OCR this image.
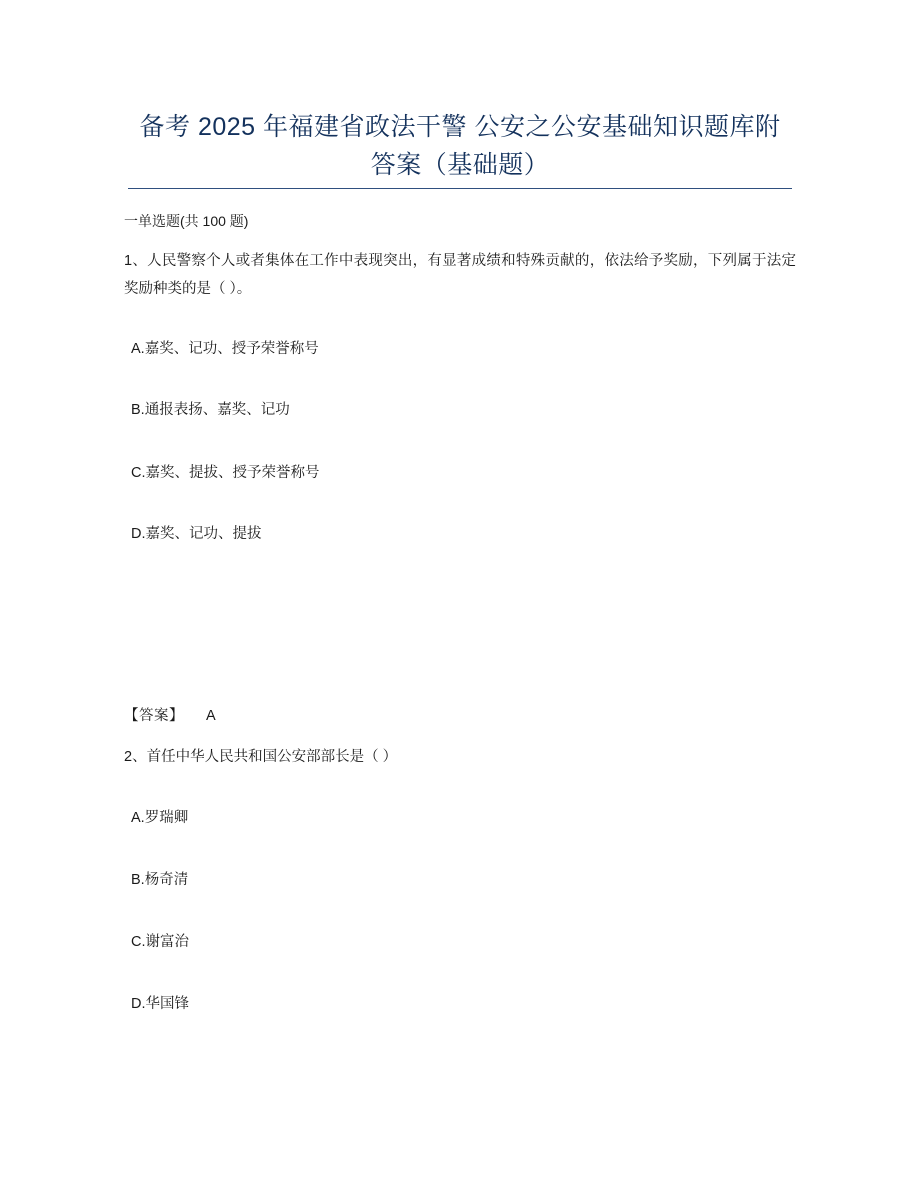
备考 2025 年福建省政法干警 公安之公安基础知识题库附答案（基础题）
一单选题(共 100 题)
1、人民警察个人或者集体在工作中表现突出，有显著成绩和特殊贡献的，依法给予奖励，下列属于法定奖励种类的是（ ）。
A.嘉奖、记功、授予荣誉称号
B.通报表扬、嘉奖、记功
C.嘉奖、提拔、授予荣誉称号
D.嘉奖、记功、提拔
【答案】 A
2、首任中华人民共和国公安部部长是（ ）
A.罗瑞卿
B.杨奇清
C.谢富治
D.华国锋
